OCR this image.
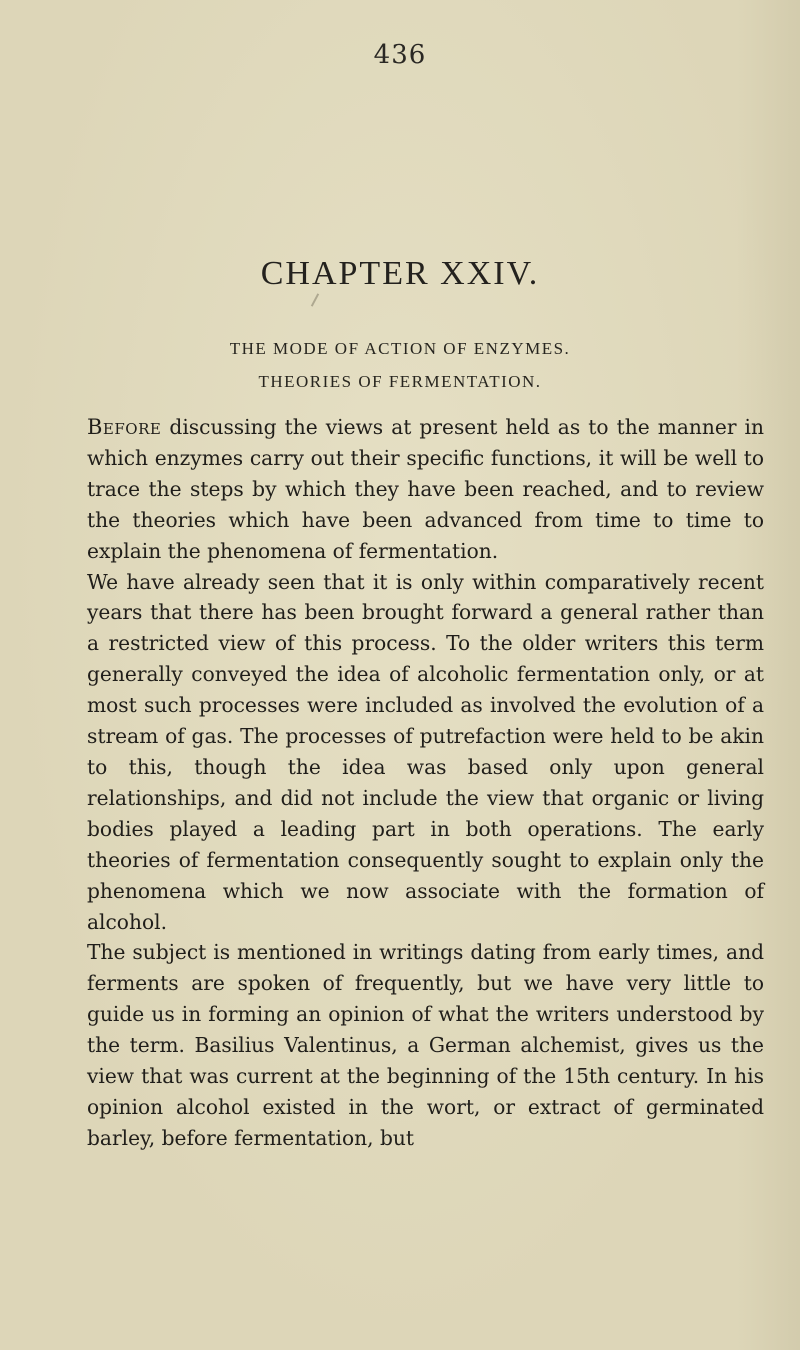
436
CHAPTER XXIV.
THE MODE OF ACTION OF ENZYMES.
THEORIES OF FERMENTATION.

Before discussing the views at present held as to the manner in which enzymes carry out their specific functions, it will be well to trace the steps by which they have been reached, and to review the theories which have been advanced from time to time to explain the phenomena of fermentation.

We have already seen that it is only within comparatively recent years that there has been brought forward a general rather than a restricted view of this process. To the older writers this term generally conveyed the idea of alcoholic fermentation only, or at most such processes were included as involved the evolution of a stream of gas. The processes of putrefaction were held to be akin to this, though the idea was based only upon general relationships, and did not include the view that organic or living bodies played a leading part in both operations. The early theories of fermentation consequently sought to explain only the phenomena which we now associate with the formation of alcohol.

The subject is mentioned in writings dating from early times, and ferments are spoken of frequently, but we have very little to guide us in forming an opinion of what the writers understood by the term. Basilius Valentinus, a German alchemist, gives us the view that was current at the beginning of the 15th century. In his opinion alcohol existed in the wort, or extract of germinated barley, before fermentation, but
